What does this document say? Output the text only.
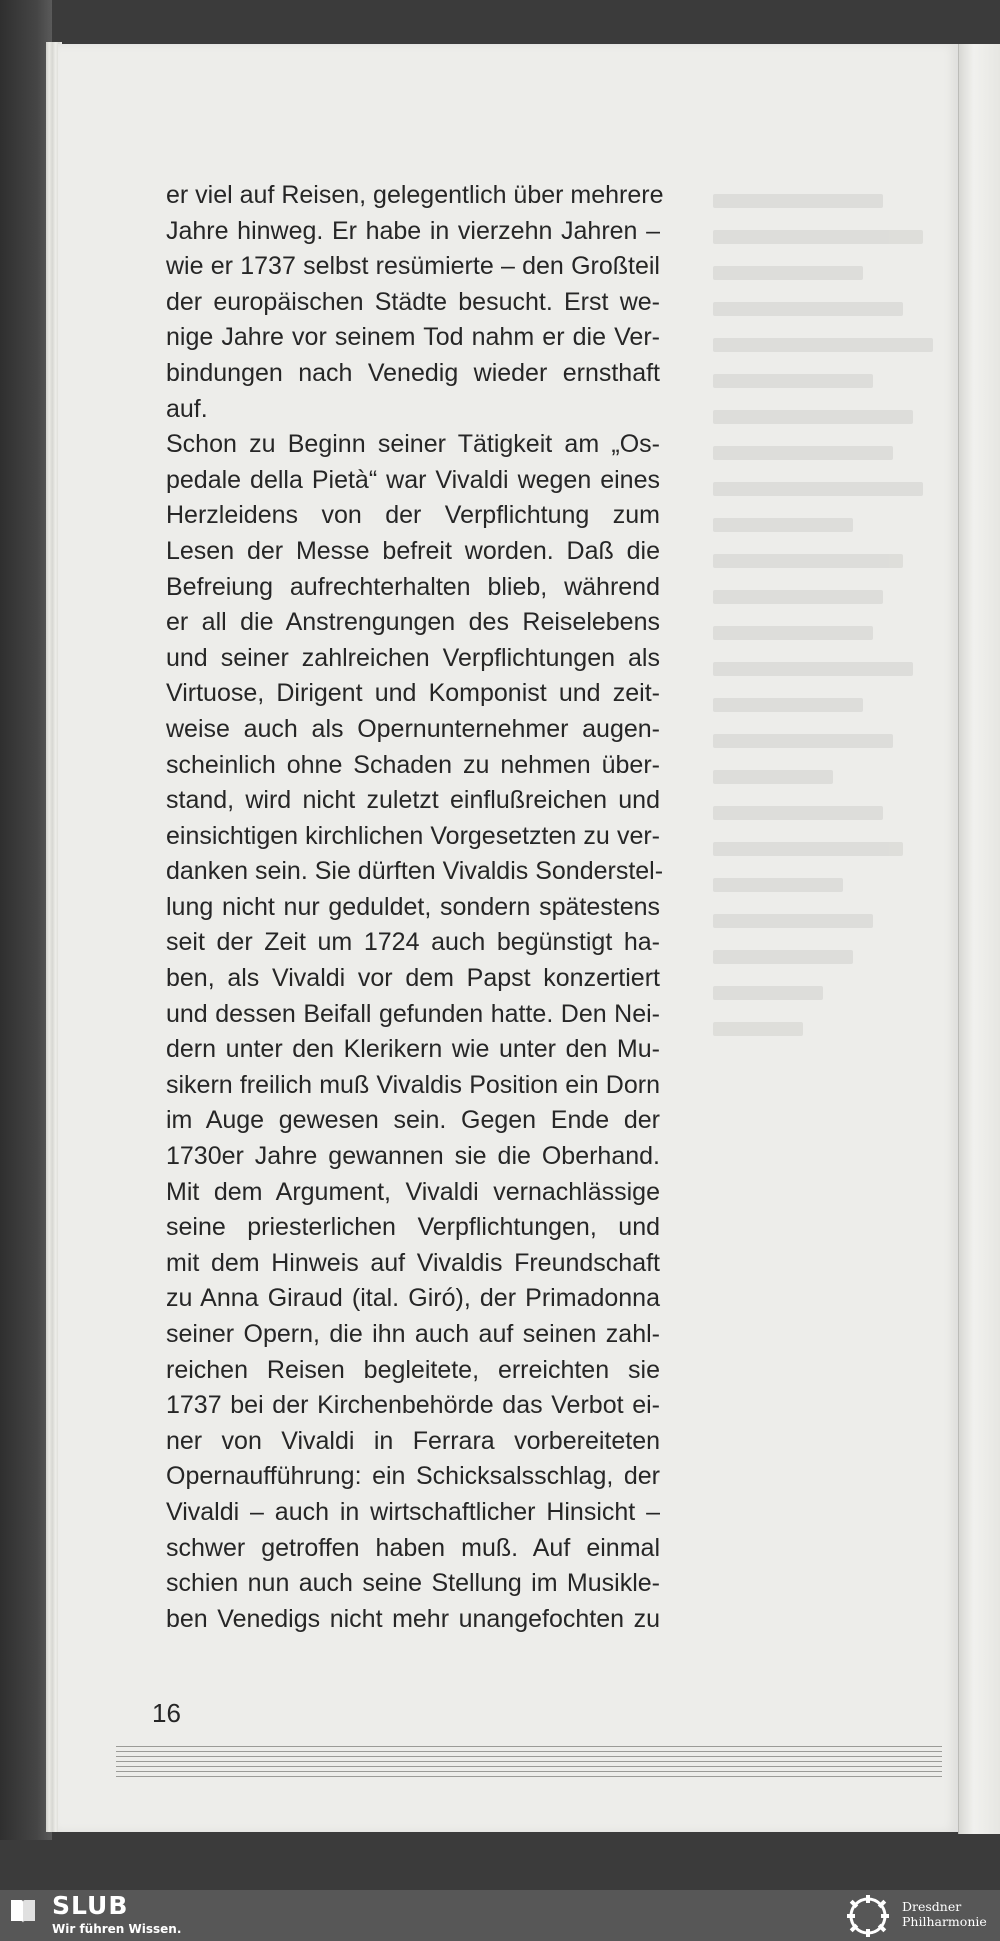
er viel auf Reisen, gelegentlich über mehrere
Jahre hinweg. Er habe in vierzehn Jahren –
wie er 1737 selbst resümierte – den Großteil
der europäischen Städte besucht. Erst we-
nige Jahre vor seinem Tod nahm er die Ver-
bindungen nach Venedig wieder ernsthaft
auf.
Schon zu Beginn seiner Tätigkeit am „Os-
pedale della Pietà“ war Vivaldi wegen eines
Herzleidens von der Verpflichtung zum
Lesen der Messe befreit worden. Daß die
Befreiung aufrechterhalten blieb, während
er all die Anstrengungen des Reiselebens
und seiner zahlreichen Verpflichtungen als
Virtuose, Dirigent und Komponist und zeit-
weise auch als Opernunternehmer augen-
scheinlich ohne Schaden zu nehmen über-
stand, wird nicht zuletzt einflußreichen und
einsichtigen kirchlichen Vorgesetzten zu ver-
danken sein. Sie dürften Vivaldis Sonderstel-
lung nicht nur geduldet, sondern spätestens
seit der Zeit um 1724 auch begünstigt ha-
ben, als Vivaldi vor dem Papst konzertiert
und dessen Beifall gefunden hatte. Den Nei-
dern unter den Klerikern wie unter den Mu-
sikern freilich muß Vivaldis Position ein Dorn
im Auge gewesen sein. Gegen Ende der
1730er Jahre gewannen sie die Oberhand.
Mit dem Argument, Vivaldi vernachlässige
seine priesterlichen Verpflichtungen, und
mit dem Hinweis auf Vivaldis Freundschaft
zu Anna Giraud (ital. Giró), der Primadonna
seiner Opern, die ihn auch auf seinen zahl-
reichen Reisen begleitete, erreichten sie
1737 bei der Kirchenbehörde das Verbot ei-
ner von Vivaldi in Ferrara vorbereiteten
Opernaufführung: ein Schicksalsschlag, der
Vivaldi – auch in wirtschaftlicher Hinsicht –
schwer getroffen haben muß. Auf einmal
schien nun auch seine Stellung im Musikle-
ben Venedigs nicht mehr unangefochten zu
16
SLUB
Wir führen Wissen.
Dresdner
Philharmonie
